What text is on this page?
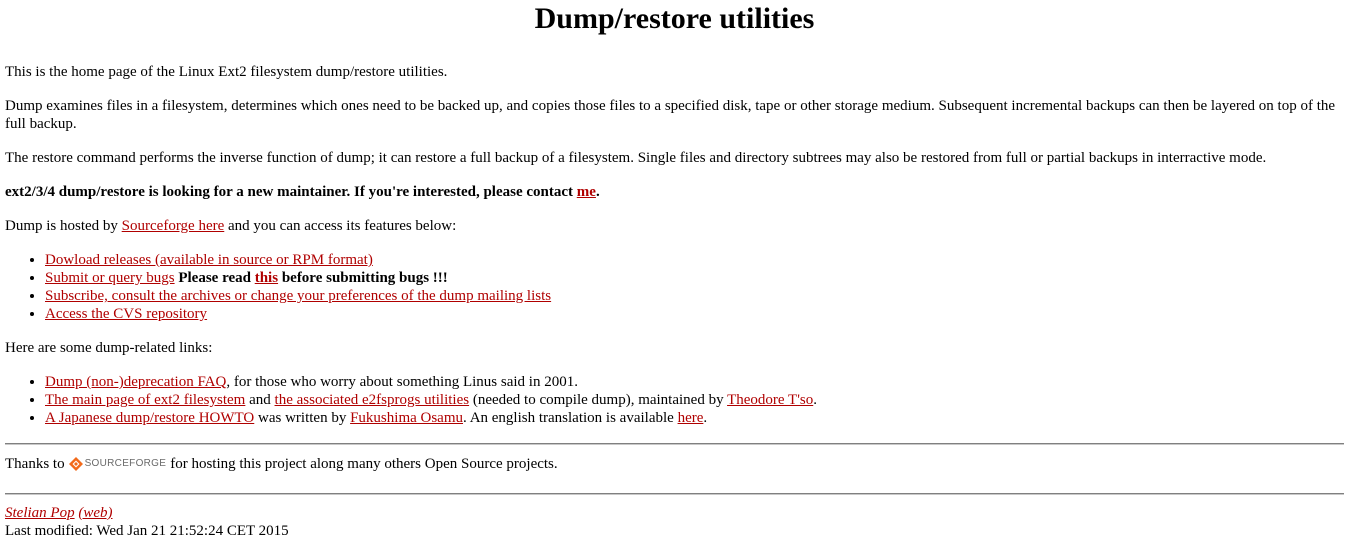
Dump/restore utilities

This is the home page of the Linux Ext2 filesystem dump/restore utilities.

Dump examines files in a filesystem, determines which ones need to be backed up, and copies those files to a specified disk, tape or other storage medium. Subsequent incremental backups can then be layered on top of the full backup.

The restore command performs the inverse function of dump; it can restore a full backup of a filesystem. Single files and directory subtrees may also be restored from full or partial backups in interractive mode.

ext2/3/4 dump/restore is looking for a new maintainer. If you're interested, please contact me.

Dump is hosted by Sourceforge here and you can access its features below:

• Dowload releases (available in source or RPM format)
• Submit or query bugs Please read this before submitting bugs !!!
• Subscribe, consult the archives or change your preferences of the dump mailing lists
• Access the CVS repository

Here are some dump-related links:

• Dump (non-)deprecation FAQ, for those who worry about something Linus said in 2001.
• The main page of ext2 filesystem and the associated e2fsprogs utilities (needed to compile dump), maintained by Theodore T'so.
• A Japanese dump/restore HOWTO was written by Fukushima Osamu. An english translation is available here.
Thanks to SOURCEFORGE for hosting this project along many others Open Source projects.
Stelian Pop (web)
Last modified: Wed Jan 21 21:52:24 CET 2015
